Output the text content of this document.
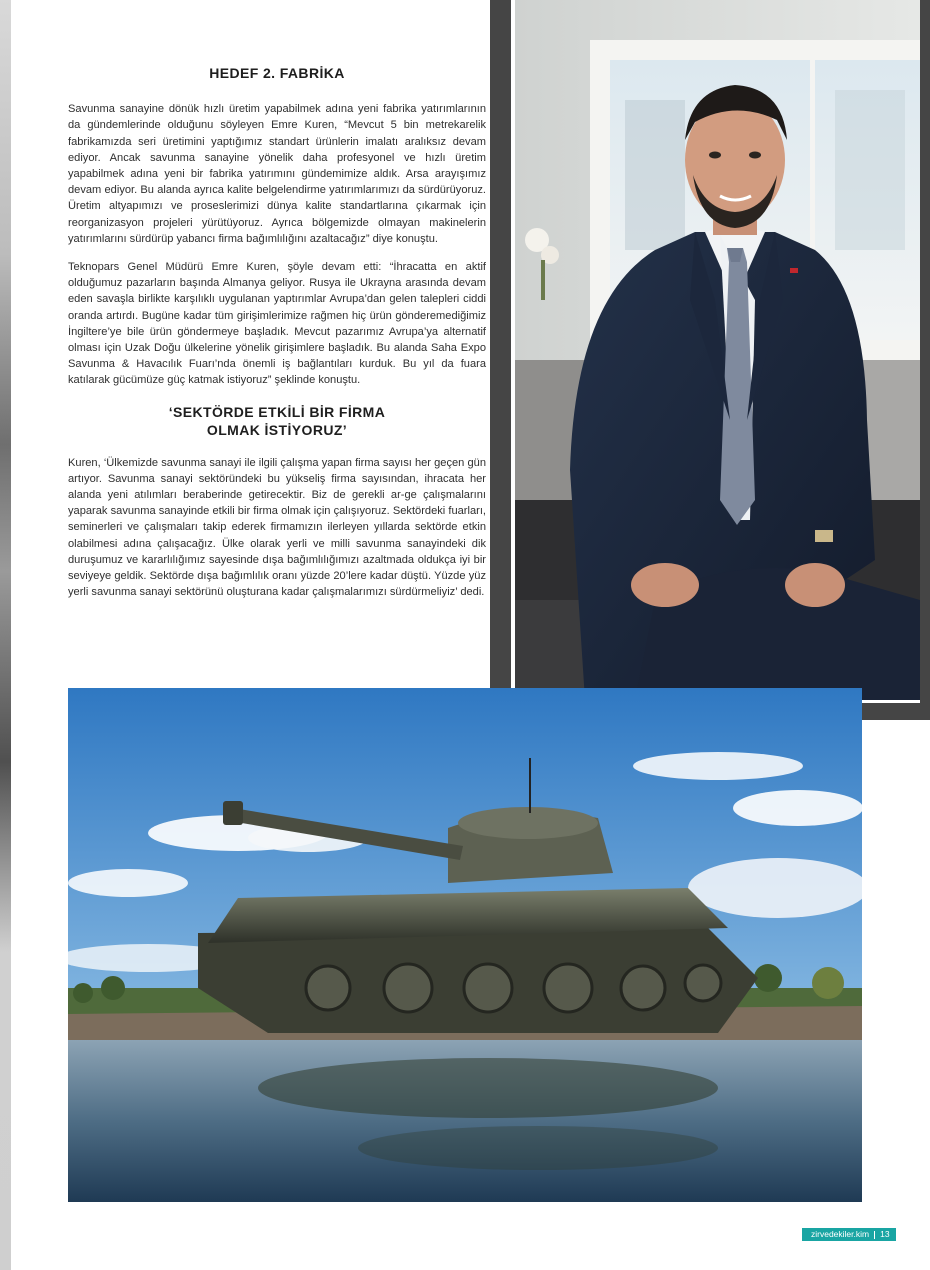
HEDEF 2. FABRİKA

Savunma sanayine dönük hızlı üretim yapabilmek adına yeni fabrika yatırımlarının da gündemlerinde olduğunu söyleyen Emre Kuren, “Mevcut 5 bin metrekarelik fabrikamızda seri üretimini yaptığımız standart ürünlerin imalatı aralıksız devam ediyor. Ancak savunma sanayine yönelik daha profesyonel ve hızlı üretim yapabilmek adına yeni bir fabrika yatırımını gündemimize aldık. Arsa arayışımız devam ediyor. Bu alanda ayrıca kalite belgelendirme yatırımlarımızı da sürdürüyoruz. Üretim altyapımızı ve proseslerimizi dünya kalite standartlarına çıkarmak için reorganizasyon projeleri yürütüyoruz. Ayrıca bölgemizde olmayan makinelerin yatırımlarını sürdürüp yabancı firma bağımlılığını azaltacağız” diye konuştu.

Teknopars Genel Müdürü Emre Kuren, şöyle devam etti: “İhracatta en aktif olduğumuz pazarların başında Almanya geliyor. Rusya ile Ukrayna arasında devam eden savaşla birlikte karşılıklı uygulanan yaptırımlar Avrupa’dan gelen talepleri ciddi oranda artırdı. Bugüne kadar tüm girişimlerimize rağmen hiç ürün gönderemediğimiz İngiltere’ye bile ürün göndermeye başladık. Mevcut pazarımız Avrupa’ya alternatif olması için Uzak Doğu ülkelerine yönelik girişimlere başladık. Bu alanda Saha Expo Savunma & Havacılık Fuarı’nda önemli iş bağlantıları kurduk. Bu yıl da fuara katılarak gücümüze güç katmak istiyoruz” şeklinde konuştu.

‘SEKTÖRDE ETKİLİ BİR FİRMA
OLMAK İSTİYORUZ’

Kuren, ‘Ülkemizde savunma sanayi ile ilgili çalışma yapan firma sayısı her geçen gün artıyor. Savunma sanayi sektöründeki bu yükseliş firma sayısından, ihracata her alanda yeni atılımları beraberinde getirecektir. Biz de gerekli ar-ge çalışmalarını yaparak savunma sanayinde etkili bir firma olmak için çalışıyoruz. Sektördeki fuarları, seminerleri ve çalışmaları takip ederek firmamızın ilerleyen yıllarda sektörde etkin olabilmesi adına çalışacağız. Ülke olarak yerli ve milli savunma sanayindeki dik duruşumuz ve kararlılığımız sayesinde dışa bağımlılığımızı azaltmada oldukça iyi bir seviyeye geldik. Sektörde dışa bağımlılık oranı yüzde 20’lere kadar düştü. Yüzde yüz yerli savunma sanayi sektörünü oluşturana kadar çalışmalarımızı sürdürmeliyiz’ dedi.

zirvedekiler.kim 13
